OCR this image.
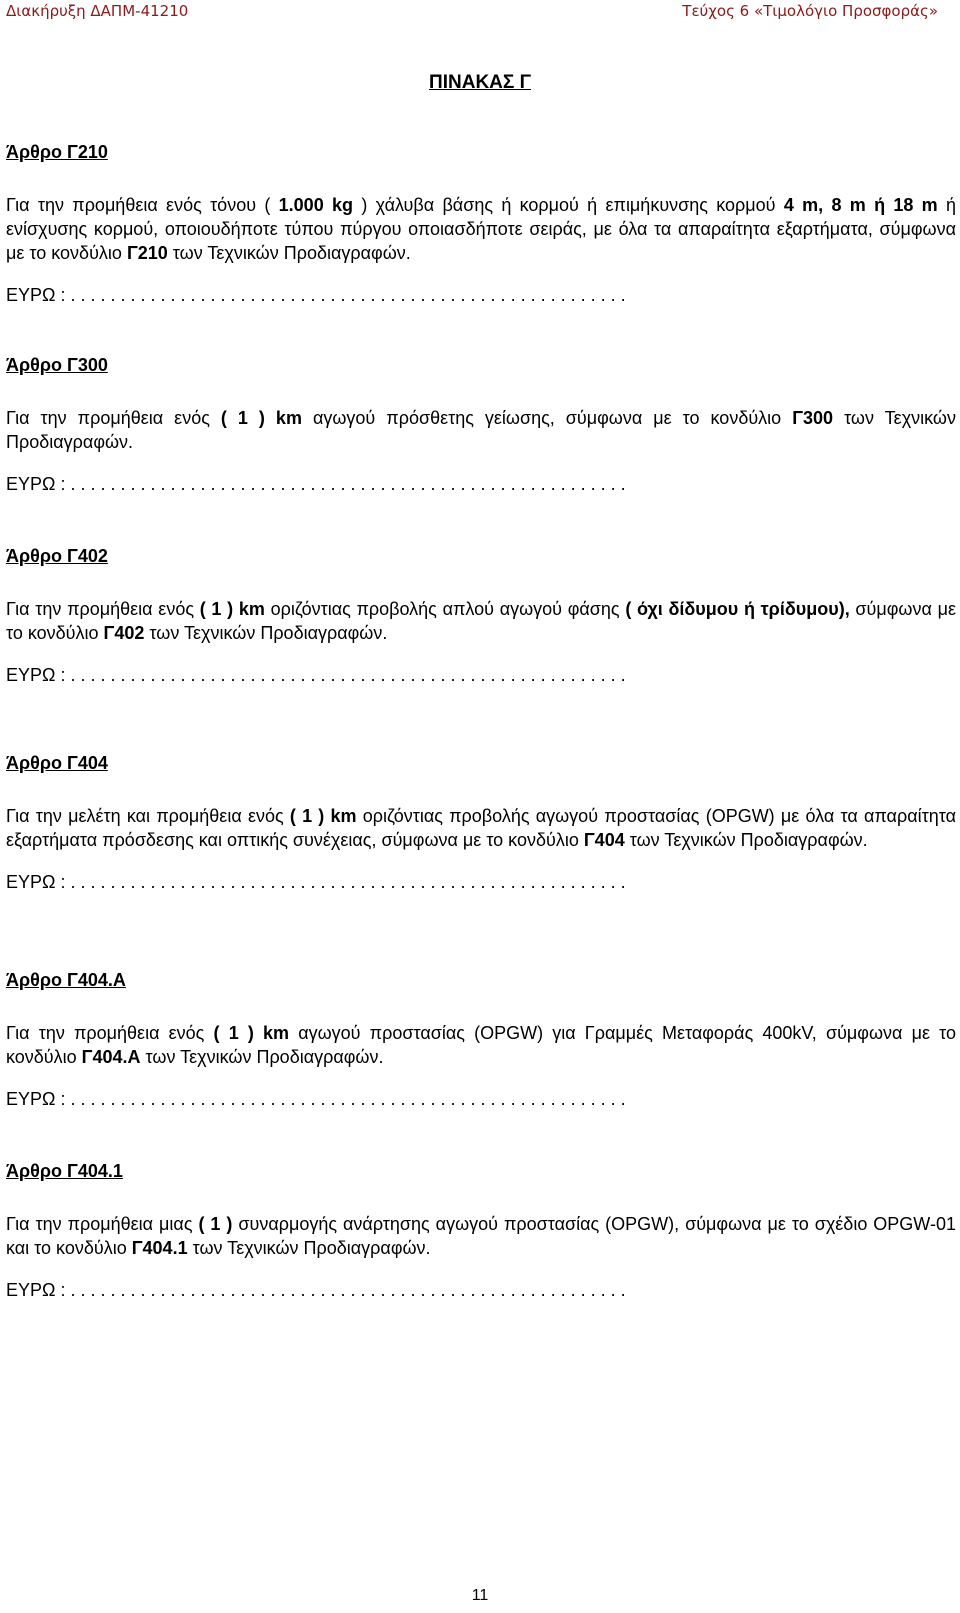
Διακήρυξη ΔΑΠΜ-41210	Τεύχος 6 «Τιμολόγιο Προσφοράς»
ΠΙΝΑΚΑΣ Γ
Άρθρο Γ210
Για την προμήθεια ενός τόνου ( 1.000 kg ) χάλυβα βάσης ή κορμού ή επιμήκυνσης κορμού 4 m, 8 m ή 18 m ή ενίσχυσης κορμού, οποιουδήποτε τύπου πύργου οποιασδήποτε σειράς, με όλα τα απαραίτητα εξαρτήματα, σύμφωνα με το κονδύλιο Γ210 των Τεχνικών Προδιαγραφών.
ΕΥΡΩ : . . . . . . . . . . . . . . . . . . . . . . . . . . . . . . . . . . . . . . . . . . . . . . . . . . . . . . . .
Άρθρο Γ300
Για την προμήθεια ενός ( 1 ) km αγωγού πρόσθετης γείωσης, σύμφωνα με το κονδύλιο Γ300 των Τεχνικών Προδιαγραφών.
ΕΥΡΩ : . . . . . . . . . . . . . . . . . . . . . . . . . . . . . . . . . . . . . . . . . . . . . . . . . . . . . . . .
Άρθρο Γ402
Για την προμήθεια ενός ( 1 ) km οριζόντιας προβολής απλού αγωγού φάσης ( όχι δίδυμου ή τρίδυμου), σύμφωνα με το κονδύλιο Γ402 των Τεχνικών Προδιαγραφών.
ΕΥΡΩ : . . . . . . . . . . . . . . . . . . . . . . . . . . . . . . . . . . . . . . . . . . . . . . . . . . . . . . . .
Άρθρο Γ404
Για την μελέτη και προμήθεια ενός ( 1 ) km οριζόντιας προβολής αγωγού προστασίας (OPGW) με όλα τα απαραίτητα εξαρτήματα πρόσδεσης και οπτικής συνέχειας, σύμφωνα με το κονδύλιο Γ404 των Τεχνικών Προδιαγραφών.
ΕΥΡΩ : . . . . . . . . . . . . . . . . . . . . . . . . . . . . . . . . . . . . . . . . . . . . . . . . . . . . . . . .
Άρθρο Γ404.Α
Για την προμήθεια ενός ( 1 ) km αγωγού προστασίας (OPGW) για Γραμμές Μεταφοράς 400kV, σύμφωνα με το κονδύλιο Γ404.Α των Τεχνικών Προδιαγραφών.
ΕΥΡΩ : . . . . . . . . . . . . . . . . . . . . . . . . . . . . . . . . . . . . . . . . . . . . . . . . . . . . . . . .
Άρθρο Γ404.1
Για την προμήθεια μιας ( 1 ) συναρμογής ανάρτησης αγωγού προστασίας (OPGW), σύμφωνα με το σχέδιο OPGW-01 και το κονδύλιο Γ404.1 των Τεχνικών Προδιαγραφών.
ΕΥΡΩ : . . . . . . . . . . . . . . . . . . . . . . . . . . . . . . . . . . . . . . . . . . . . . . . . . . . . . . . .
11
